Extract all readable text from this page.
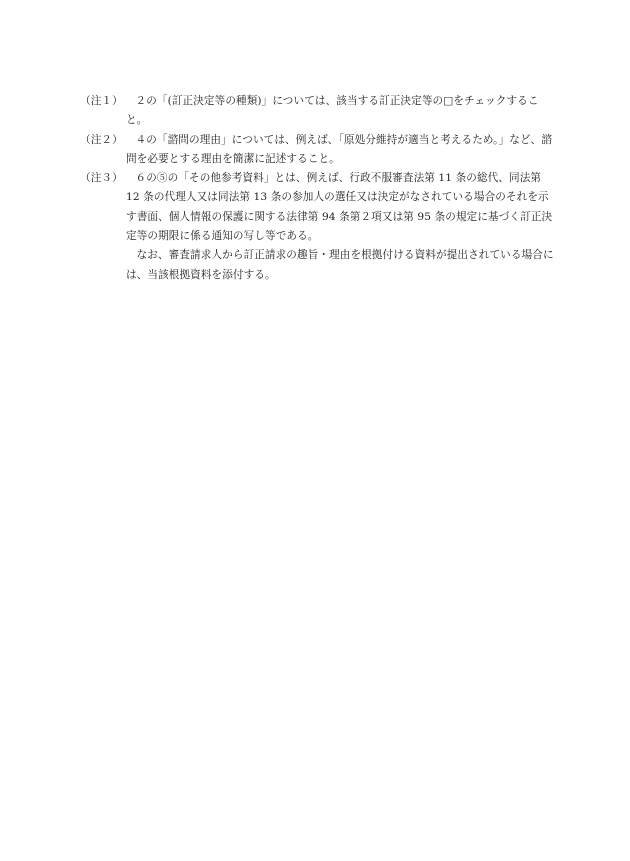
（注１）	２の「(訂正決定等の種類)」については、該当する訂正決定等の□をチェックすること。
（注２）	４の「諮問の理由」については、例えば、「原処分維持が適当と考えるため。」など、諮問を必要とする理由を簡潔に記述すること。
（注３）	６の⑤の「その他参考資料」とは、例えば、行政不服審査法第 11 条の総代、同法第 12 条の代理人又は同法第 13 条の参加人の選任又は決定がなされている場合のそれを示す書面、個人情報の保護に関する法律第 94 条第２項又は第 95 条の規定に基づく訂正決定等の期限に係る通知の写し等である。
なお、審査請求人から訂正請求の趣旨・理由を根拠付ける資料が提出されている場合には、当該根拠資料を添付する。
